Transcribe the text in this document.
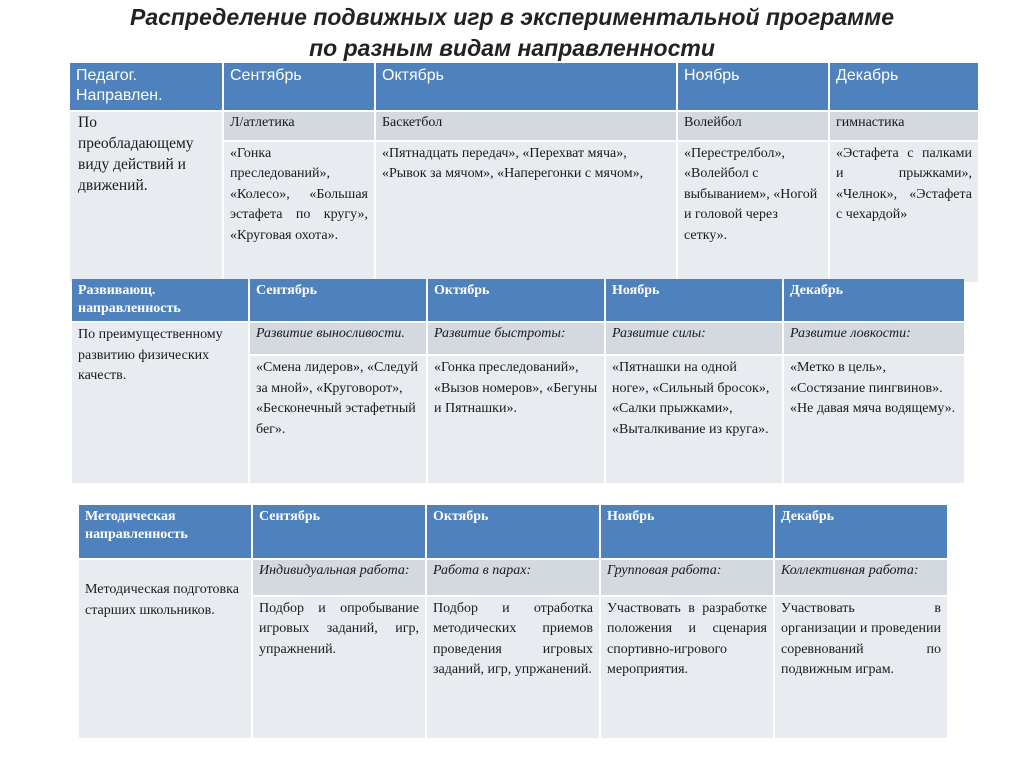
Распределение подвижных игр в экспериментальной программе
по разным видам направленности
Педагог. Направлен.	Сентябрь	Октябрь	Ноябрь	Декабрь
По преобладающему виду действий и движений.	Л/атлетика	Баскетбол	Волейбол	гимнастика
	«Гонка преследований», «Колесо», «Большая эстафета по кругу», «Круговая охота».	«Пятнадцать передач», «Перехват мяча», «Рывок за мячом», «Наперегонки с мячом»,	«Перестрелбол», «Волейбол с выбыванием», «Ногой и головой через сетку».	«Эстафета с палками и прыжками», «Челнок», «Эстафета с чехардой»
Развивающ. направленность	Сентябрь	Октябрь	Ноябрь	Декабрь
По преимущественному развитию физических качеств.	Развитие выносливости.	Развитие быстроты:	Развитие силы:	Развитие ловкости:
	«Смена лидеров», «Следуй за мной», «Круговорот», «Бесконечный эстафетный бег».	«Гонка преследований», «Вызов номеров», «Бегуны и Пятнашки».	«Пятнашки на одной ноге», «Сильный бросок», «Салки прыжками», «Выталкивание из круга».	«Метко в цель», «Состязание пингвинов». «Не давая мяча водящему».
Методическая направленность	Сентябрь	Октябрь	Ноябрь	Декабрь
Методическая подготовка старших школьников.	Индивидуальная работа:	Работа в парах:	Групповая работа:	Коллективная работа:
	Подбор и опробывание игровых заданий, игр, упражнений.	Подбор и отработка методических приемов проведения игровых заданий, игр, упржанений.	Участвовать в разработке положения и сценария спортивно-игрового мероприятия.	Участвовать в организации и проведении соревнований по подвижным играм.
